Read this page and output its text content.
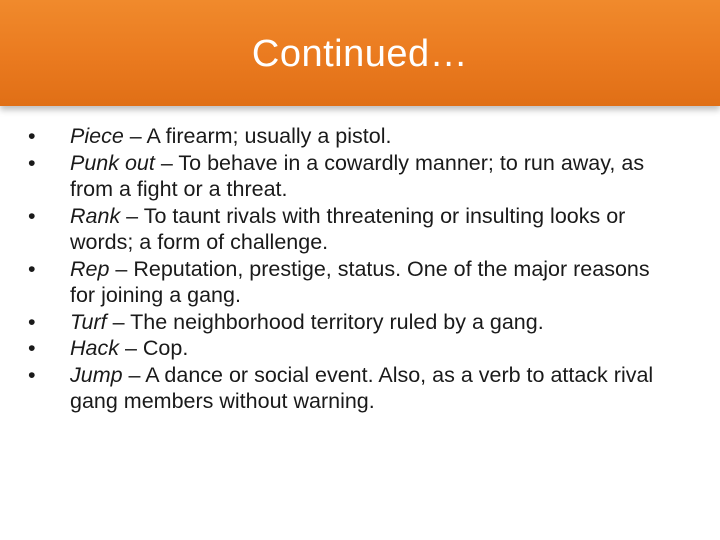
Continued…
•	Piece – A firearm; usually a pistol.
•	Punk out – To behave in a cowardly manner; to run away, as from a fight or a threat.
•	Rank – To taunt rivals with threatening or insulting looks or words; a form of challenge.
•	Rep – Reputation, prestige, status. One of the major reasons for joining a gang.
•	Turf – The neighborhood territory ruled by a gang.
•	Hack – Cop.
•	Jump – A dance or social event. Also, as a verb to attack rival gang members without warning.
